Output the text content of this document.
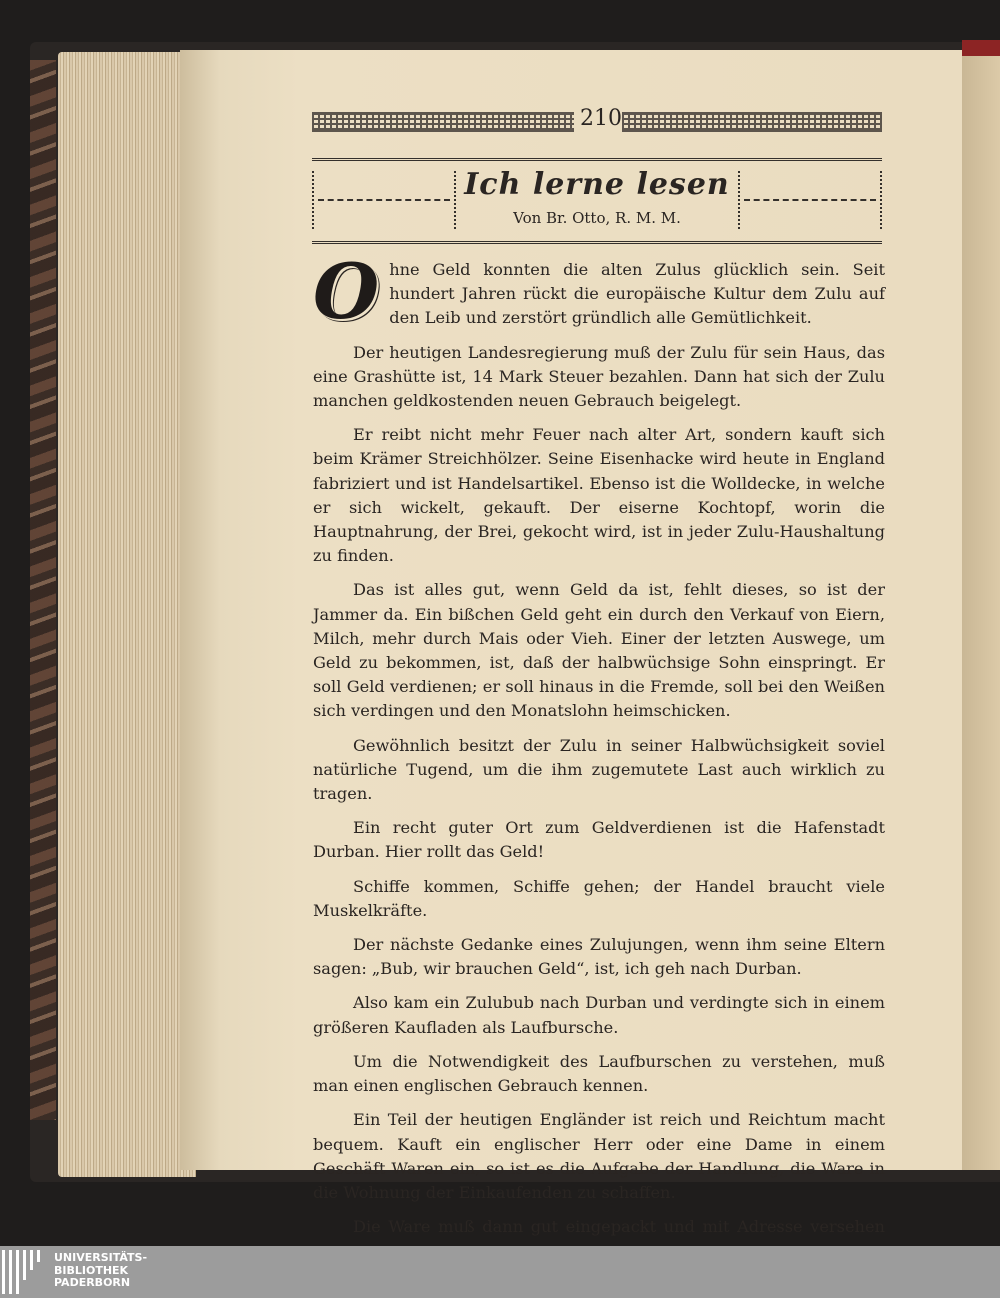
210
Ich lerne lesen
Von Br. Otto, R. M. M.

Ohne Geld konnten die alten Zulus glücklich sein. Seit hundert Jahren rückt die europäische Kultur dem Zulu auf den Leib und zerstört gründlich alle Gemütlichkeit.

Der heutigen Landesregierung muß der Zulu für sein Haus, das eine Grashütte ist, 14 Mark Steuer bezahlen. Dann hat sich der Zulu manchen geldkostenden neuen Gebrauch beigelegt.

Er reibt nicht mehr Feuer nach alter Art, sondern kauft sich beim Krämer Streichhölzer. Seine Eisenhacke wird heute in England fabriziert und ist Handelsartikel. Ebenso ist die Wolldecke, in welche er sich wickelt, gekauft. Der eiserne Kochtopf, worin die Hauptnahrung, der Brei, gekocht wird, ist in jeder Zulu-Haushaltung zu finden.

Das ist alles gut, wenn Geld da ist, fehlt dieses, so ist der Jammer da. Ein bißchen Geld geht ein durch den Verkauf von Eiern, Milch, mehr durch Mais oder Vieh. Einer der letzten Auswege, um Geld zu bekommen, ist, daß der halbwüchsige Sohn einspringt. Er soll Geld verdienen; er soll hinaus in die Fremde, soll bei den Weißen sich verdingen und den Monatslohn heimschicken.

Gewöhnlich besitzt der Zulu in seiner Halbwüchsigkeit soviel natürliche Tugend, um die ihm zugemutete Last auch wirklich zu tragen.

Ein recht guter Ort zum Geldverdienen ist die Hafenstadt Durban. Hier rollt das Geld!

Schiffe kommen, Schiffe gehen; der Handel braucht viele Muskelkräfte.

Der nächste Gedanke eines Zulujungen, wenn ihm seine Eltern sagen: „Bub, wir brauchen Geld“, ist, ich geh nach Durban.

Also kam ein Zulubub nach Durban und verdingte sich in einem größeren Kaufladen als Laufbursche.

Um die Notwendigkeit des Laufburschen zu verstehen, muß man einen englischen Gebrauch kennen.

Ein Teil der heutigen Engländer ist reich und Reichtum macht bequem. Kauft ein englischer Herr oder eine Dame in einem Geschäft Waren ein, so ist es die Aufgabe der Handlung, die Ware in die Wohnung der Einkaufenden zu schaffen.

Die Ware muß dann gut eingepackt und mit Adresse versehen

UNIVERSITÄTS-
BIBLIOTHEK
PADERBORN
